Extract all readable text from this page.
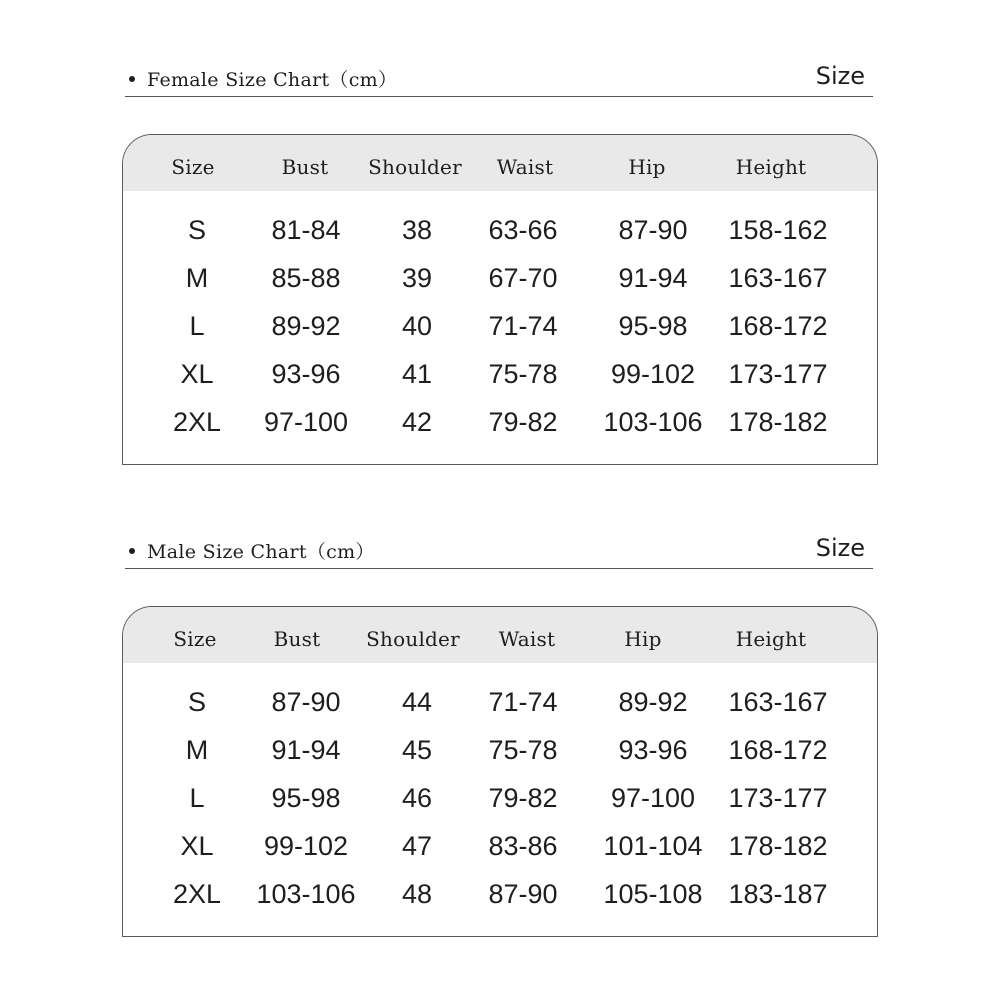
Female Size Chart（cm）	Size
Size	Bust Shoulder Waist	Hip	Height
S 81-84 38 63-66 87-90 158-162
M 85-88 39 67-70 91-94 163-167
L 89-92 40 71-74 95-98 168-172
XL 93-96 41 75-78 99-102 173-177
2XL 97-100 42 79-82 103-106 178-182
Male Size Chart（cm）	Size
Size	Bust Shoulder Waist	Hip	Height
S 87-90 44 71-74 89-92 163-167
M 91-94 45 75-78 93-96 168-172
L 95-98 46 79-82 97-100 173-177
XL 99-102 47 83-86 101-104 178-182
2XL 103-106 48 87-90 105-108 183-187
